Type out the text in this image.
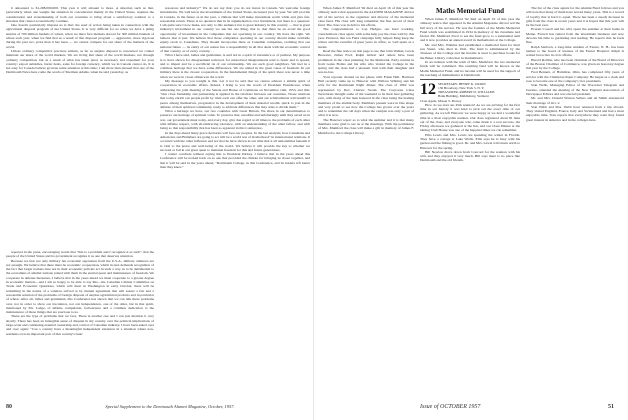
it amounted to $1,298,000,000. This year it will amount to more. A situation such as that, particularly when one weighs the situation in concentrated mainly in the United States, requires the consideration and statesmanship of both our countries to bring about a satisfactory solution to a situation that cannot economically continue.

One doesn't particularly impress us is that: the seed of action being taken in connection with the agricultural disposal program of the United States. It is very difficult for us when we have a piling surplus of 700 million bushels of wheat, when we must face markets abroad for 500 million bushels of wheat each year, when we find that as a result of that disposal program — aggressive, more vigorous during the past two years than it has been — we cannot compete for our share of the markets of the world.

Unless ordinary competitive practices remain, as far as surplus disposal is concerned we cannot maintain our share of the world markets. We are living that share of the world markets, not through ordinary competition, but as a result of what has taken place as necessary and expedient for your country: export subsidies, barter deals, sales for foreign currency, which we in Canada cannot do. It is not easy for Canada believe governs some attention at this time; I am more than pleased that one of the Dartmouth News here come the words of Sherman Adams, when he said yesterday, as

reported in the press, encouraging words that "this is a problem and I recognize it as such". that the people of the United States and its government recognize it as one that deserves attention.

Because we fear not only military but economic separation from the U.S.A., military alliances are not enough. We believe that there must be economic cooperation, which in turn demands recognition of the fact that larger nations dare not in their economic policies act in such a way as to be detrimental to the economies of smaller nations joined with them in the eternal quest and maintenance of freedom. We cooperate in defense measures. I believe that in the years ahead we must cooperate to a greater degree in economic matters—and I am so happy to be able to say this—the Canadian Cabinet Committee on Trade and Economic Questions, which will meet in Washington in early October, there will be something in the nature of a solution arrived at by mutual agreement that will assure a fair and a reasonable solution of the problems of foreign disposal of surplus agricultural products and in particular of wheat. After all, ladies and gentlemen, this Conference has shown that we can talk these problems over, not in order to show our truculence, not our independence, one of the other, but in that spirit, mentioned by Mr. Lodge, of infinite compulsion, forbearance and a common dedication to the maintenance of those things that are precious to us.

These are the type of problems that we face. There is another one and I can just mention it very shortly. There has been an intangible sense of disquiet in my country over the political implications of large-scale and continuing external ownership and control of Canadian industry. I have been asked over and over again: "Can a country have a meaningful independent existence in a situation where non-residents own an important part of that country's basic

resources and industry?" We do not say that; you do not invest in Canada. We welcome foreign investments. We well know the investments of the United States, increased year by year. We will provide in Canada, in the future as in the past, a climate that will make investment worth while and give fair, reasonable return. There is no question that in its argumentation over investment, but there is a question: I am quite sure I now make, not only to this audience but to great industry in this country — that is great industry's investment in our country we ask but one thing, that is, that there be an avoid the good opportunity of investment in the companies that are operating in our country. We have the right. We believe that is just. We believe that those companies operating in our country should make available equity stock to Canadians. They should incorporate there as Canadian companies, realizing that our national future — its entity of our nation has a responsibility in all that deals with the economic control of that country, as of every country. . .

What I have said, ladies and gentlemen, is said not in a spirit of truculence or of petition. My purpose is to have shown for disagreement removed, for unresolved disagreements tend to fester and to spread, and to impair and be a sacrificial tie of our relationship. We are each good neighbors. We feel in a common heritage that we have some differences. We are united in the great cause of freedom. In our military there is the closest cooperation. In the fundamental things of the spirit there was never a time when we were in closer alliance in the world.

My message to you tonight is this. Let it not be said that we cannot achieve a similar spirit of cooperation in economic affairs. Indeed, I bring to you the words of President Eisenhower, when addressing the joint meeting of the Senate and House of Commons on November 14th, 1953, and this: "Our close friendship and partnership is applied in the relations between our countries. Those relations that today enrich our people profit by what each can offer the other, and our achievements will benefit at peace among themselves, progressive in the development of their material wealth, quick to join in the defense of their spiritual community, ready to arbitrate differences that may arise to divide them."

What a heritage we have, our two countries with Great Britain. We share in our determination to preserve our heritage of spiritual value. To preserve that, steadfast and unfalteringly until they saved us in war, our government must today, and every day, give due regard at all times to the problems of each other with infinite respect, with all-embracing tolerance, with an understanding of the other fellow, and with being so that responsibility that has been so apparent in this Conference.

In the days ahead many grave decisions will face our peoples. In the last analysis, how Canadians and Americans and Britishers are going to act will be a world test of brotherhood" in international relations. It occurred with the other Jefferson and not that he have shown in our time that it all nationalities beneath it is vital to the peace and well-being of the world. We believe it will provide the key to whether we succeed or fail in our great quest to maintain freedom for this and future generations.

I cannot conclude without saying this to President Dickey. I believe that in the years ahead this Conference will be looked back on as one that provided the climate for bringing us closer together, and that it will be said in the years ahead, "Dartmouth College, in this Conference, and its leaders left better than they knew."

When James F. Mumford '92 died on April 16 of this year the obituary notice that appeared in the ALUMNI MAGAZINE did not tell of his service as the organizer and director of the memorial class fund. His class will long remember the fine record of their fund. The class was in debt to his efforts.

The congratulations to Cap Hedges, our hard working, conscientious class agent, with some help pay the class well by this year. Pictured, that ten Fund campaign fully helped King keep the winter and the eventful of great years in office, so well spent as a leader.

Read the fine notice on this page to see that John Walker, Lewis Brewster, James Ford, Ralph Abbott and others have been prominent in the class planning for the Memorial. Early returns in from Gaius Bolles and his wife who visited the College in the spring and the class had a pleasant visit with their daughter and son-in-law.

Your reporter chatted on the phone with Frank Hall. Harrison Hall recently came up to Hanover with Wallace Whiting and his wife for the Dartmouth Night dinner. The class of 1892 was represented by Rev. Charles Swain. The Corporate Class Secretaries thought some of the weekend to be their best gathering ever, with many of the men honored in the class being the leading members of the alumni body. Members present were in fine shape and very proud to see how the College has grown over the years and to remember the old days when the campus was only a part of what it is now.

The Hanover report as to what the summer and it is that many members were glad to see us at the meetings. With the permission of Mrs. Mumford the class will make a gift in memory of James F. Mumford to the College Library.

Maths Memorial Fund

When James F. Mumford '92 died on April 16 of this year the obituary notice that appeared in the Alumni Magazine did not tell the full story of his service. He was the founder of the Maths Memorial Fund which was established in 1934 in memory of his classmate and friend. Mr. Mumford lived to see the fund grow to a substantial sum and it now provides an annual award in mathematics at the College.

Mr. and Mrs. Watkins had established a memorial fund for their son Stuart, who died in 1941. The fund is administered by the Trustees of the College and the income is used to purchase books for the Baker Library collection in mathematics.

In accordance with the wish of Mrs. Mumford, the two memorial funds will be combined. The resulting fund will be known as the Maths Memorial Fund, and its income will be used for the support of the teaching of mathematics at Dartmouth.

12 SECRETARY, HENRY K. URION
130 Broadway, New York 5, N. Y.
TREASURER, ROBERT D. WILLIAMS
Bank Building, Middlebury, Vermont
Class Agent, Mason S. Peavey

How do we start our 45th reunion? As we are arriving for the first time in our history it was hard to pick out the exact time of our gathering. As we left Hanover we were happy as we had a wonderful time in a most enjoyable reunion. Our class registered about 81 men out of the class, and everyone who came made it a real success. On Friday afternoon we gathered at the Inn, and our Class Dinner at the Outing Club House was one of the happiest times we can remember.

Ellis Lewis and Mrs. Lewis are spending the winter in Florida. They have a cottage at Lake Worth. Ellis says he is busy with his garden and the fishing is good. Dr. and Mrs. Lewis will return north to Hanover for the spring.

Bill Newton drove down from Concord for the reunion with his wife and they enjoyed it very much. Bill says there is no place like Dartmouth and the old friends.

The list of the class agents for the Alumni Fund follows and you will note that many of them have served many years. This is a record of loyalty that is hard to equal. There has been a steady increase in gifts from the class in recent years and it is hoped that this year will be the best ever.

Everett Cowell and his wife spent the summer at their home in Maine. Everett has retired from the investment business and now devotes his time to gardening and reading. He reports that he feels fine.

Ralph Sanborn, a long-time resident of Exeter, N. H., has been named to the board of trustees of the Exeter Hospital. Ralph is retired but active in civic affairs.

Harold Rollins, who has been chairman of the Board of Directors of the Boston Chamber of Commerce, was given an honorary degree this year by the College.

Fred Bennett, of Hamilton, Ohio, has completed fifty years of service with the Champion Paper Company. He began as a clerk and rose to become one of the company's vice presidents.

Stan Webb, Managing Editor of the Worcester Telegram and Gazette, attended the meeting of the New England Association of Newspaper Editors and was elected president.

Mr. and Mrs. Donald Warren Sellars and Al Smith announced their marriage of Oct. 2.

Stan Webb and Mrs. Webb have returned from a trip abroad. They visited England, France, Italy and Switzerland and had a most enjoyable time. Stan reports that everywhere they went they found great interest in America and in the colleges here.

80	Special Supplement to the Dartmouth Alumni Magazine, October, 1957.	Issue of OCTOBER 1957	51
